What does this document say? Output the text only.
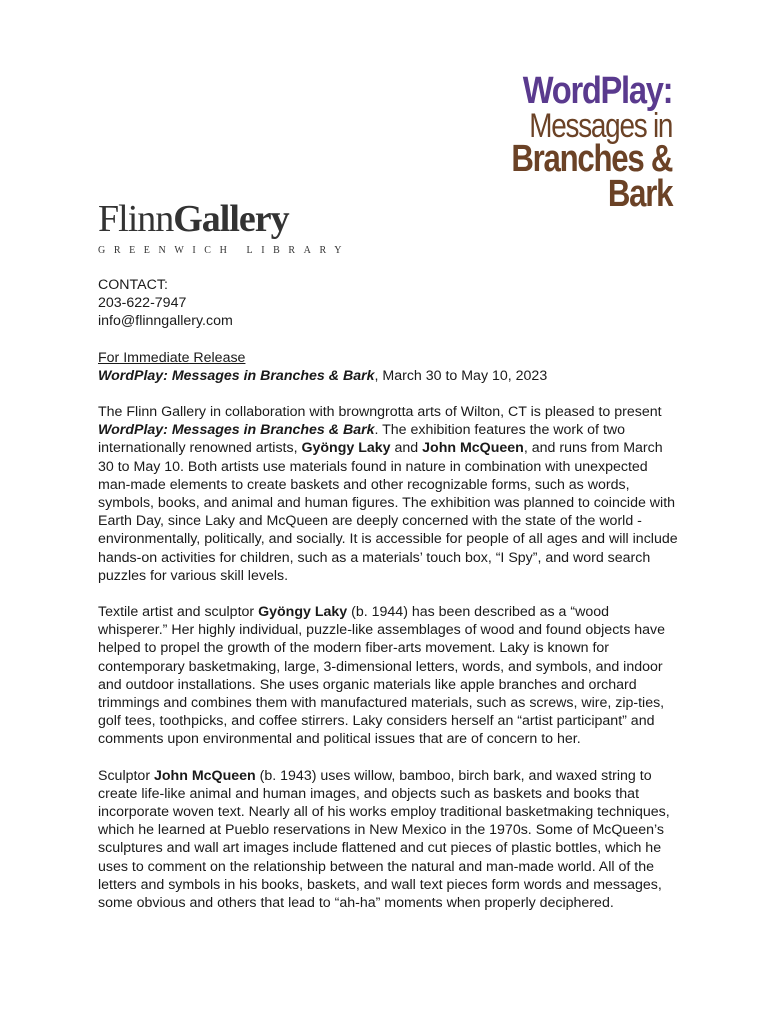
WordPlay:
Messages in
Branches &
Bark
FlinnGallery
GREENWICH LIBRARY

CONTACT:

203-622-7947

info@flinngallery.com

For Immediate Release

WordPlay: Messages in Branches & Bark, March 30 to May 10, 2023

The Flinn Gallery in collaboration with browngrotta arts of Wilton, CT is pleased to present WordPlay: Messages in Branches & Bark. The exhibition features the work of two internationally renowned artists, Gyöngy Laky and John McQueen, and runs from March 30 to May 10. Both artists use materials found in nature in combination with unexpected man-made elements to create baskets and other recognizable forms, such as words, symbols, books, and animal and human figures. The exhibition was planned to coincide with Earth Day, since Laky and McQueen are deeply concerned with the state of the world - environmentally, politically, and socially. It is accessible for people of all ages and will include hands-on activities for children, such as a materials’ touch box, “I Spy”, and word search puzzles for various skill levels.

Textile artist and sculptor Gyöngy Laky (b. 1944) has been described as a “wood whisperer.” Her highly individual, puzzle-like assemblages of wood and found objects have helped to propel the growth of the modern fiber-arts movement. Laky is known for contemporary basketmaking, large, 3-dimensional letters, words, and symbols, and indoor and outdoor installations. She uses organic materials like apple branches and orchard trimmings and combines them with manufactured materials, such as screws, wire, zip-ties, golf tees, toothpicks, and coffee stirrers. Laky considers herself an “artist participant” and comments upon environmental and political issues that are of concern to her.

Sculptor John McQueen (b. 1943) uses willow, bamboo, birch bark, and waxed string to create life-like animal and human images, and objects such as baskets and books that incorporate woven text. Nearly all of his works employ traditional basketmaking techniques, which he learned at Pueblo reservations in New Mexico in the 1970s. Some of McQueen’s sculptures and wall art images include flattened and cut pieces of plastic bottles, which he uses to comment on the relationship between the natural and man-made world. All of the letters and symbols in his books, baskets, and wall text pieces form words and messages, some obvious and others that lead to “ah-ha” moments when properly deciphered.
